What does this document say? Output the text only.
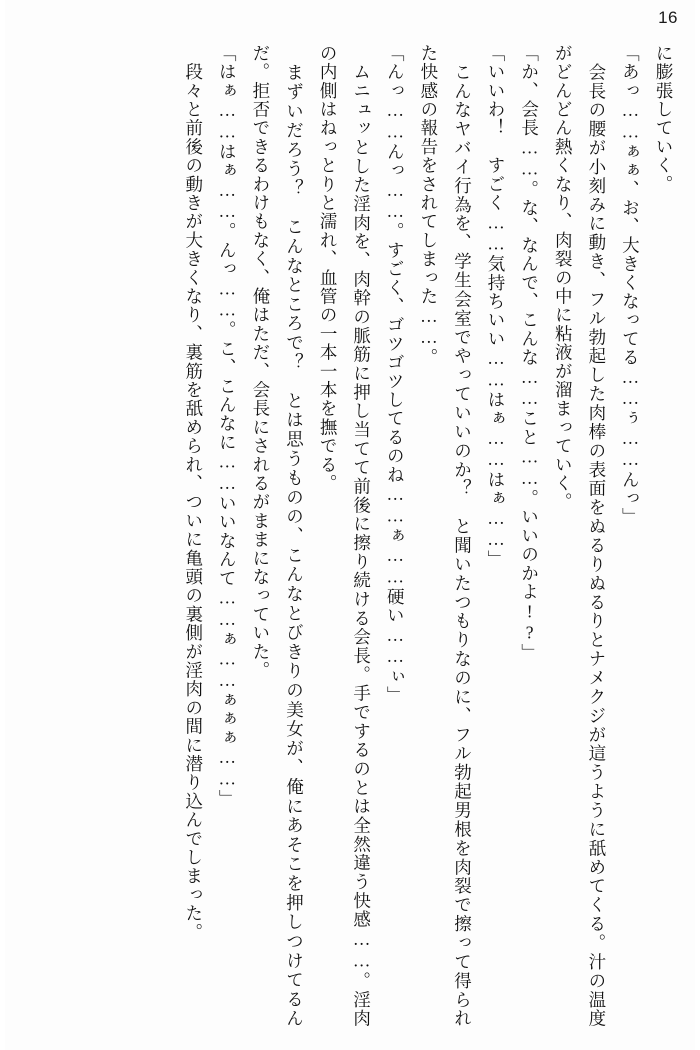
16

に膨張していく。

「あっ……ぁぁ、お、大きくなってる……ぅ……んっ」

　会長の腰が小刻みに動き、フル勃起した肉棒の表面をぬるりぬるりとナメクジが這うように舐めてくる。汁の温度がどんどん熱くなり、肉裂の中に粘液が溜まっていく。

「か、会長……。な、なんで、こんな……こと……。いいのかよ!?」

「いいわ！　すごく……気持ちいい……はぁ……はぁ……」

　こんなヤバイ行為を、学生会室でやっていいのか？　と聞いたつもりなのに、フル勃起男根を肉裂で擦って得られた快感の報告をされてしまった……。

「んっ……んっ……。すごく、ゴツゴツしてるのね……ぁ……硬い……ぃ」

　ムニュッとした淫肉を、肉幹の脈筋に押し当てて前後に擦り続ける会長。手でするのとは全然違う快感……。淫肉の内側はねっとりと濡れ、血管の一本一本を撫でる。

　まずいだろう？　こんなところで？　とは思うものの、こんなとびきりの美女が、俺にあそこを押しつけてるんだ。拒否できるわけもなく、俺はただ、会長にされるがままになっていた。

「はぁ……はぁ……。んっ……。こ、こんなに……いいなんて……ぁ……ぁぁぁ……」

　段々と前後の動きが大きくなり、裏筋を舐められ、ついに亀頭の裏側が淫肉の間に潜り込んでしまった。
